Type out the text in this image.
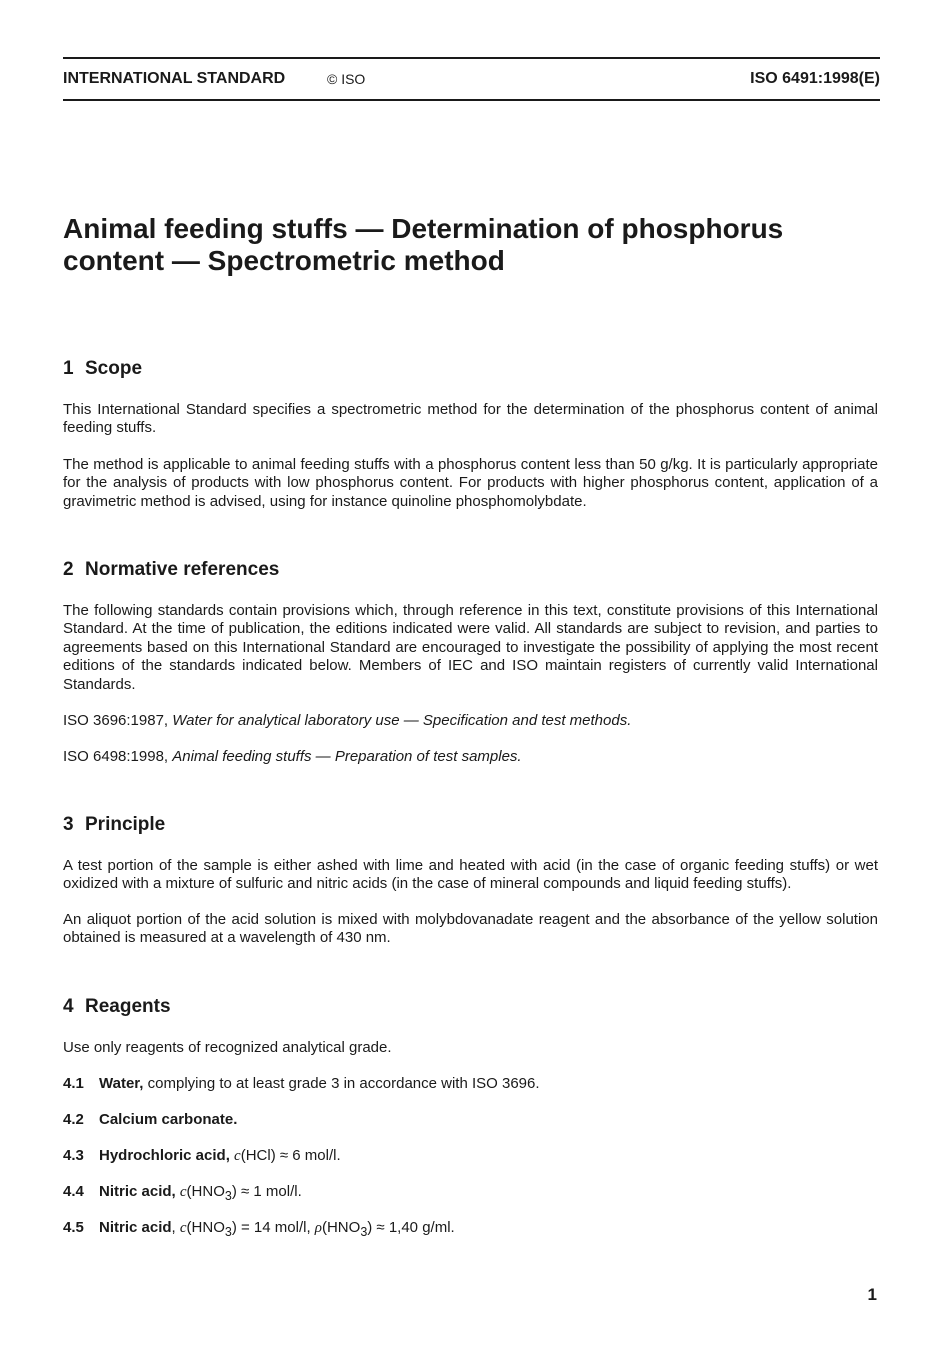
INTERNATIONAL STANDARD	© ISO	ISO 6491:1998(E)
Animal feeding stuffs — Determination of phosphorus
content — Spectrometric method
1 Scope

This International Standard specifies a spectrometric method for the determination of the phosphorus content of animal feeding stuffs.

The method is applicable to animal feeding stuffs with a phosphorus content less than 50 g/kg. It is particularly appropriate for the analysis of products with low phosphorus content. For products with higher phosphorus content, application of a gravimetric method is advised, using for instance quinoline phosphomolybdate.

2 Normative references

The following standards contain provisions which, through reference in this text, constitute provisions of this International Standard. At the time of publication, the editions indicated were valid. All standards are subject to revision, and parties to agreements based on this International Standard are encouraged to investigate the possibility of applying the most recent editions of the standards indicated below. Members of IEC and ISO maintain registers of currently valid International Standards.

ISO 3696:1987, Water for analytical laboratory use — Specification and test methods.

ISO 6498:1998, Animal feeding stuffs — Preparation of test samples.

3 Principle

A test portion of the sample is either ashed with lime and heated with acid (in the case of organic feeding stuffs) or wet oxidized with a mixture of sulfuric and nitric acids (in the case of mineral compounds and liquid feeding stuffs).

An aliquot portion of the acid solution is mixed with molybdovanadate reagent and the absorbance of the yellow solution obtained is measured at a wavelength of 430 nm.

4 Reagents

Use only reagents of recognized analytical grade.

4.1 Water, complying to at least grade 3 in accordance with ISO 3696.
4.2 Calcium carbonate.
4.3 Hydrochloric acid, c(HCl) ≈ 6 mol/l.
4.4 Nitric acid, $c(HNO_3) \approx 1$ mol/l.
4.5 Nitric acid, $c(HNO_3) = 14$ mol/l, $\rho(HNO_3) \approx 1,40$ g/ml.
1
